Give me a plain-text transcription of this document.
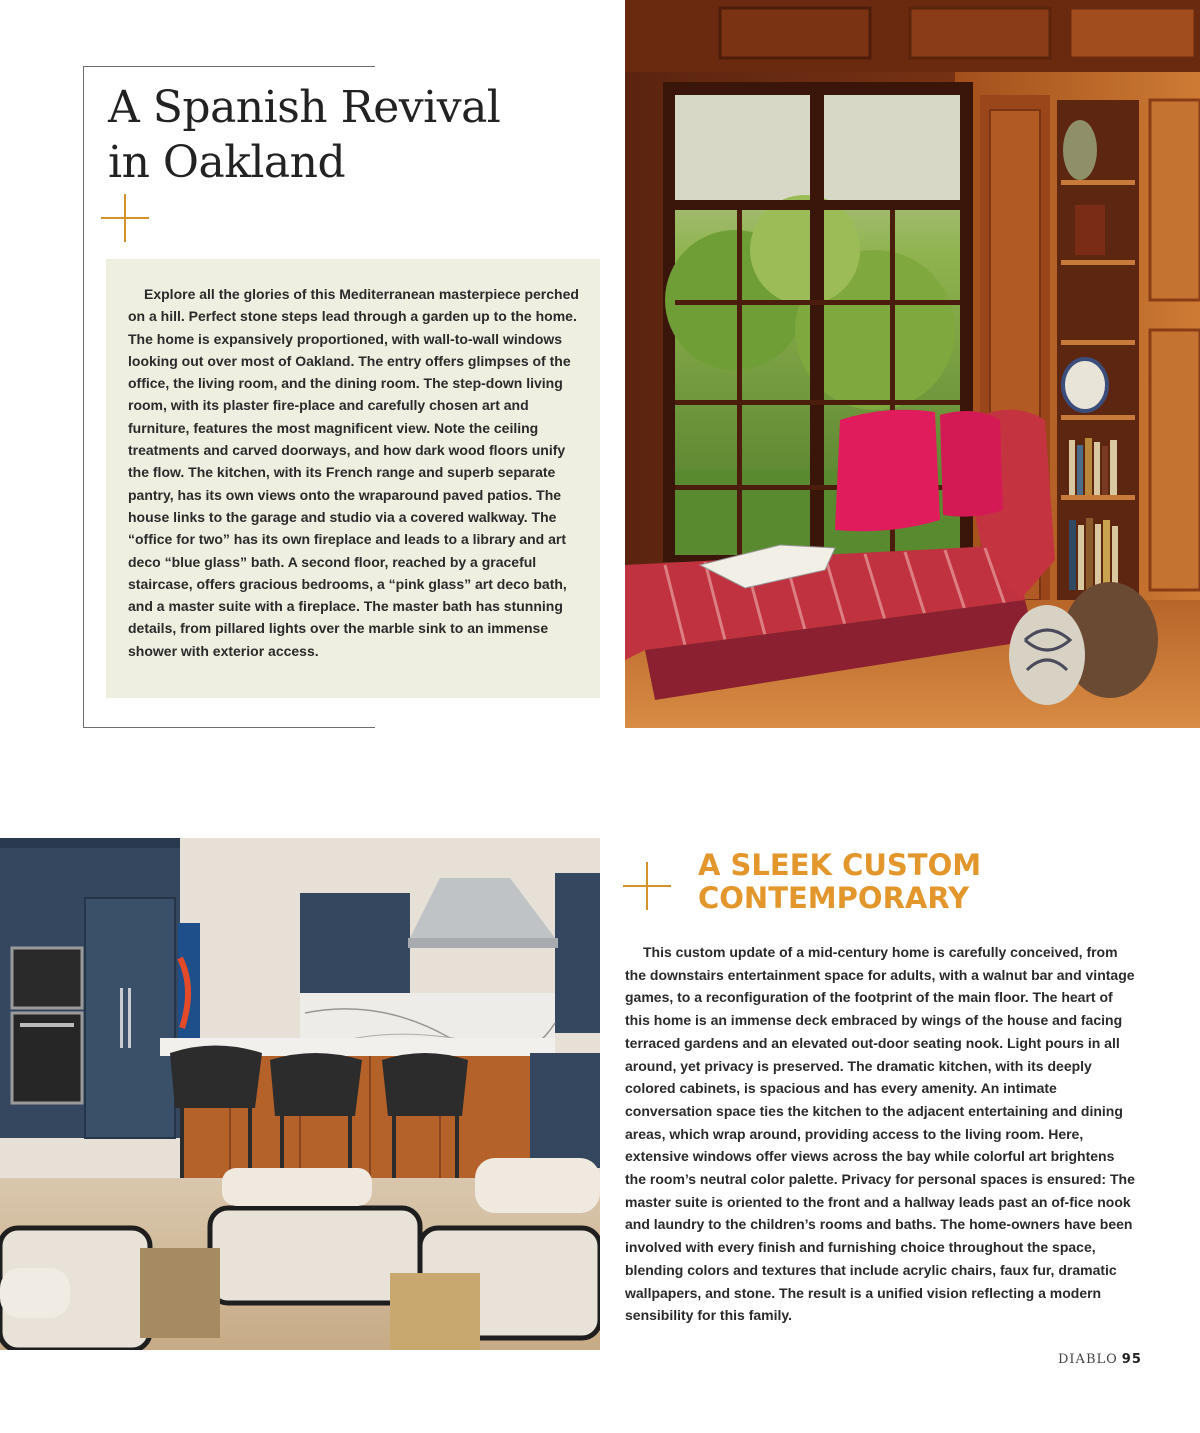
A Spanish Revival
in Oakland

Explore all the glories of this Mediterranean masterpiece perched on a hill. Perfect stone steps lead through a garden up to the home. The home is expansively proportioned, with wall-to-wall windows looking out over most of Oakland. The entry offers glimpses of the office, the living room, and the dining room. The step-down living room, with its plaster fire-place and carefully chosen art and furniture, features the most magnificent view. Note the ceiling treatments and carved doorways, and how dark wood floors unify the flow. The kitchen, with its French range and superb separate pantry, has its own views onto the wraparound paved patios. The house links to the garage and studio via a covered walkway. The “office for two” has its own fireplace and leads to a library and art deco “blue glass” bath. A second floor, reached by a graceful staircase, offers gracious bedrooms, a “pink glass” art deco bath, and a master suite with a fireplace. The master bath has stunning details, from pillared lights over the marble sink to an immense shower with exterior access.

A SLEEK CUSTOM
CONTEMPORARY

This custom update of a mid-century home is carefully conceived, from the downstairs entertainment space for adults, with a walnut bar and vintage games, to a reconfiguration of the footprint of the main floor. The heart of this home is an immense deck embraced by wings of the house and facing terraced gardens and an elevated out-door seating nook. Light pours in all around, yet privacy is preserved. The dramatic kitchen, with its deeply colored cabinets, is spacious and has every amenity. An intimate conversation space ties the kitchen to the adjacent entertaining and dining areas, which wrap around, providing access to the living room. Here, extensive windows offer views across the bay while colorful art brightens the room’s neutral color palette. Privacy for personal spaces is ensured: The master suite is oriented to the front and a hallway leads past an of-fice nook and laundry to the children’s rooms and baths. The home-owners have been involved with every finish and furnishing choice throughout the space, blending colors and textures that include acrylic chairs, faux fur, dramatic wallpapers, and stone. The result is a unified vision reflecting a modern sensibility for this family.

DIABLO 95
